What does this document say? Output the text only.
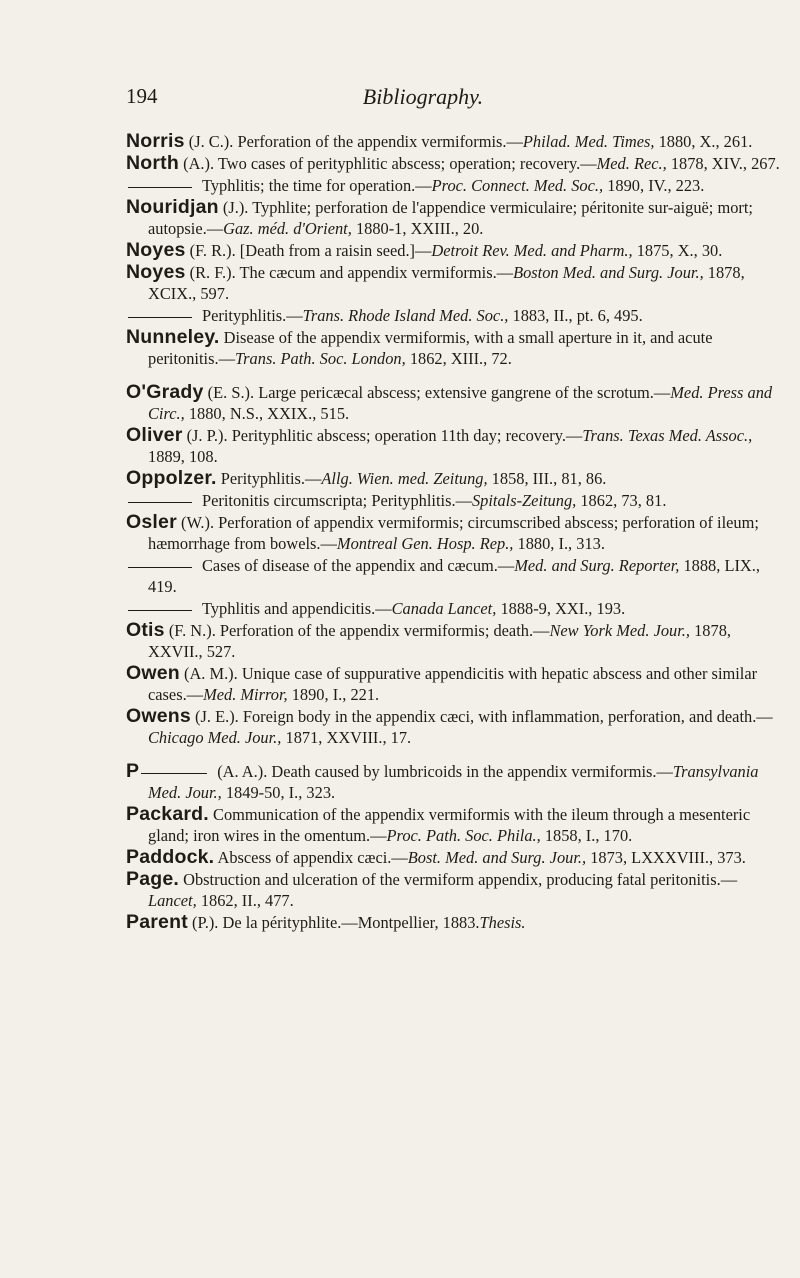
194	Bibliography.

Norris (J. C.). Perforation of the appendix vermiformis.—Philad. Med. Times, 1880, X., 261.

North (A.). Two cases of perityphlitic abscess; operation; recovery.—Med. Rec., 1878, XIV., 267.

Typhlitis; the time for operation.—Proc. Connect. Med. Soc., 1890, IV., 223.

Nouridjan (J.). Typhlite; perforation de l'appendice vermiculaire; péritonite sur-aiguë; mort; autopsie.—Gaz. méd. d'Orient, 1880-1, XXIII., 20.

Noyes (F. R.). [Death from a raisin seed.]—Detroit Rev. Med. and Pharm., 1875, X., 30.

Noyes (R. F.). The cæcum and appendix vermiformis.—Boston Med. and Surg. Jour., 1878, XCIX., 597.

Perityphlitis.—Trans. Rhode Island Med. Soc., 1883, II., pt. 6, 495.

Nunneley. Disease of the appendix vermiformis, with a small aperture in it, and acute peritonitis.—Trans. Path. Soc. London, 1862, XIII., 72.

O'Grady (E. S.). Large pericæcal abscess; extensive gangrene of the scrotum.—Med. Press and Circ., 1880, N.S., XXIX., 515.

Oliver (J. P.). Perityphlitic abscess; operation 11th day; recovery.—Trans. Texas Med. Assoc., 1889, 108.

Oppolzer. Perityphlitis.—Allg. Wien. med. Zeitung, 1858, III., 81, 86.

Peritonitis circumscripta; Perityphlitis.—Spitals-Zeitung, 1862, 73, 81.

Osler (W.). Perforation of appendix vermiformis; circumscribed abscess; perforation of ileum; hæmorrhage from bowels.—Montreal Gen. Hosp. Rep., 1880, I., 313.

Cases of disease of the appendix and cæcum.—Med. and Surg. Reporter, 1888, LIX., 419.

Typhlitis and appendicitis.—Canada Lancet, 1888-9, XXI., 193.

Otis (F. N.). Perforation of the appendix vermiformis; death.—New York Med. Jour., 1878, XXVII., 527.

Owen (A. M.). Unique case of suppurative appendicitis with hepatic abscess and other similar cases.—Med. Mirror, 1890, I., 221.

Owens (J. E.). Foreign body in the appendix cæci, with inflammation, perforation, and death.—Chicago Med. Jour., 1871, XXVIII., 17.

P	(A. A.). Death caused by lumbricoids in the appendix vermiformis.—Transylvania Med. Jour., 1849-50, I., 323.

Packard. Communication of the appendix vermiformis with the ileum through a mesenteric gland; iron wires in the omentum.—Proc. Path. Soc. Phila., 1858, I., 170.

Paddock. Abscess of appendix cæci.—Bost. Med. and Surg. Jour., 1873, LXXXVIII., 373.

Page. Obstruction and ulceration of the vermiform appendix, producing fatal peritonitis.—Lancet, 1862, II., 477.

Parent (P.). De la pérityphlite.—Montpellier, 1883.Thesis.
